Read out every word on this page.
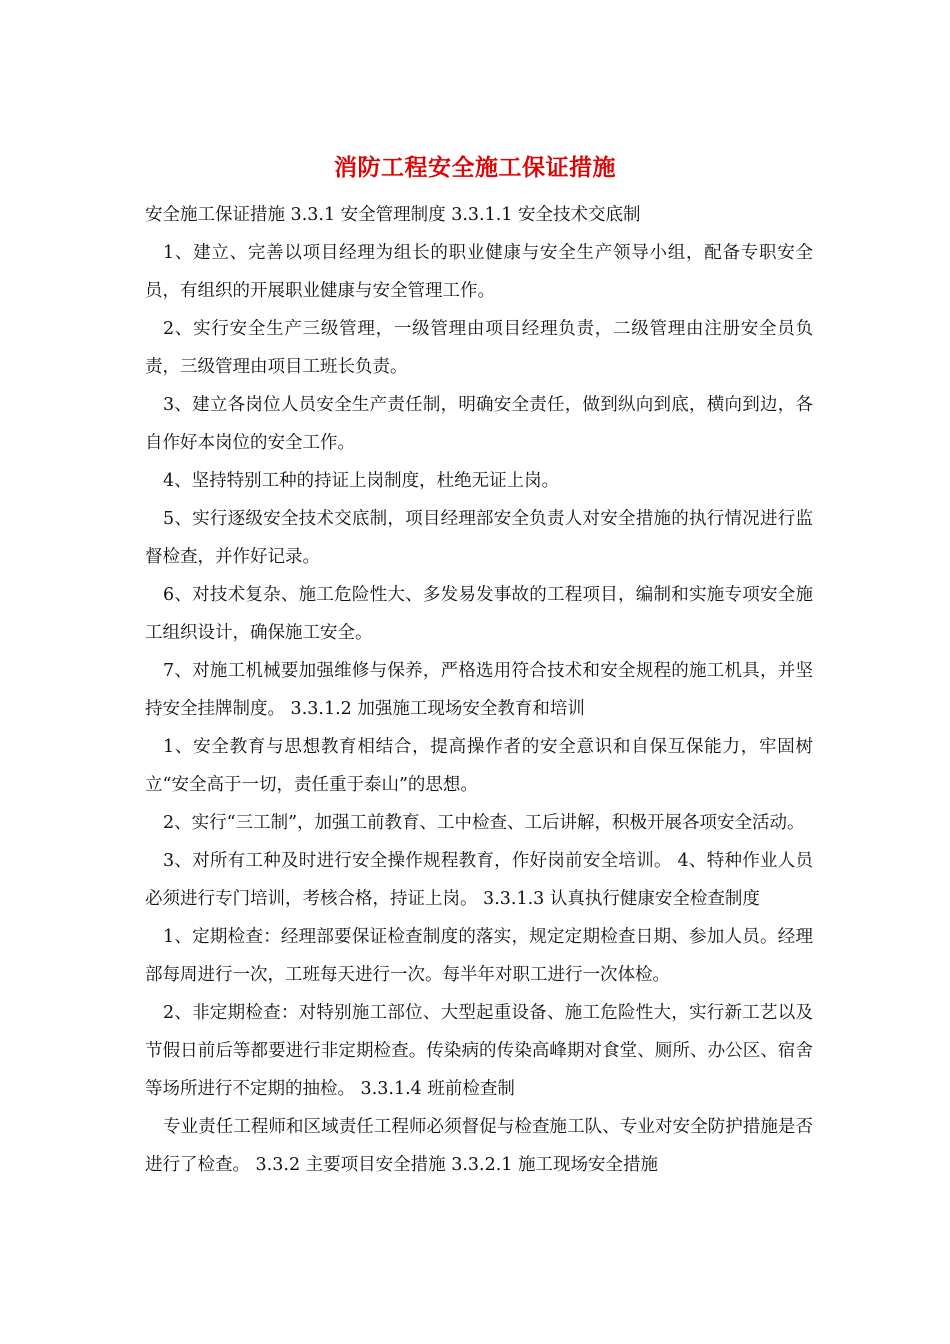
消防工程安全施工保证措施

安全施工保证措施 3.3.1 安全管理制度 3.3.1.1 安全技术交底制

1、建立、完善以项目经理为组长的职业健康与安全生产领导小组，配备专职安全员，有组织的开展职业健康与安全管理工作。

2、实行安全生产三级管理，一级管理由项目经理负责，二级管理由注册安全员负责，三级管理由项目工班长负责。

3、建立各岗位人员安全生产责任制，明确安全责任，做到纵向到底，横向到边，各自作好本岗位的安全工作。

4、坚持特别工种的持证上岗制度，杜绝无证上岗。

5、实行逐级安全技术交底制，项目经理部安全负责人对安全措施的执行情况进行监督检查，并作好记录。

6、对技术复杂、施工危险性大、多发易发事故的工程项目，编制和实施专项安全施工组织设计，确保施工安全。

7、对施工机械要加强维修与保养，严格选用符合技术和安全规程的施工机具，并坚持安全挂牌制度。 3.3.1.2 加强施工现场安全教育和培训

1、安全教育与思想教育相结合，提高操作者的安全意识和自保互保能力，牢固树立“安全高于一切，责任重于泰山”的思想。

2、实行“三工制”，加强工前教育、工中检查、工后讲解，积极开展各项安全活动。

3、对所有工种及时进行安全操作规程教育，作好岗前安全培训。 4、特种作业人员必须进行专门培训，考核合格，持证上岗。 3.3.1.3 认真执行健康安全检查制度

1、定期检查：经理部要保证检查制度的落实，规定定期检查日期、参加人员。经理部每周进行一次，工班每天进行一次。每半年对职工进行一次体检。

2、非定期检查：对特别施工部位、大型起重设备、施工危险性大，实行新工艺以及节假日前后等都要进行非定期检查。传染病的传染高峰期对食堂、厕所、办公区、宿舍等场所进行不定期的抽检。 3.3.1.4 班前检查制

专业责任工程师和区域责任工程师必须督促与检查施工队、专业对安全防护措施是否进行了检查。 3.3.2 主要项目安全措施 3.3.2.1 施工现场安全措施
